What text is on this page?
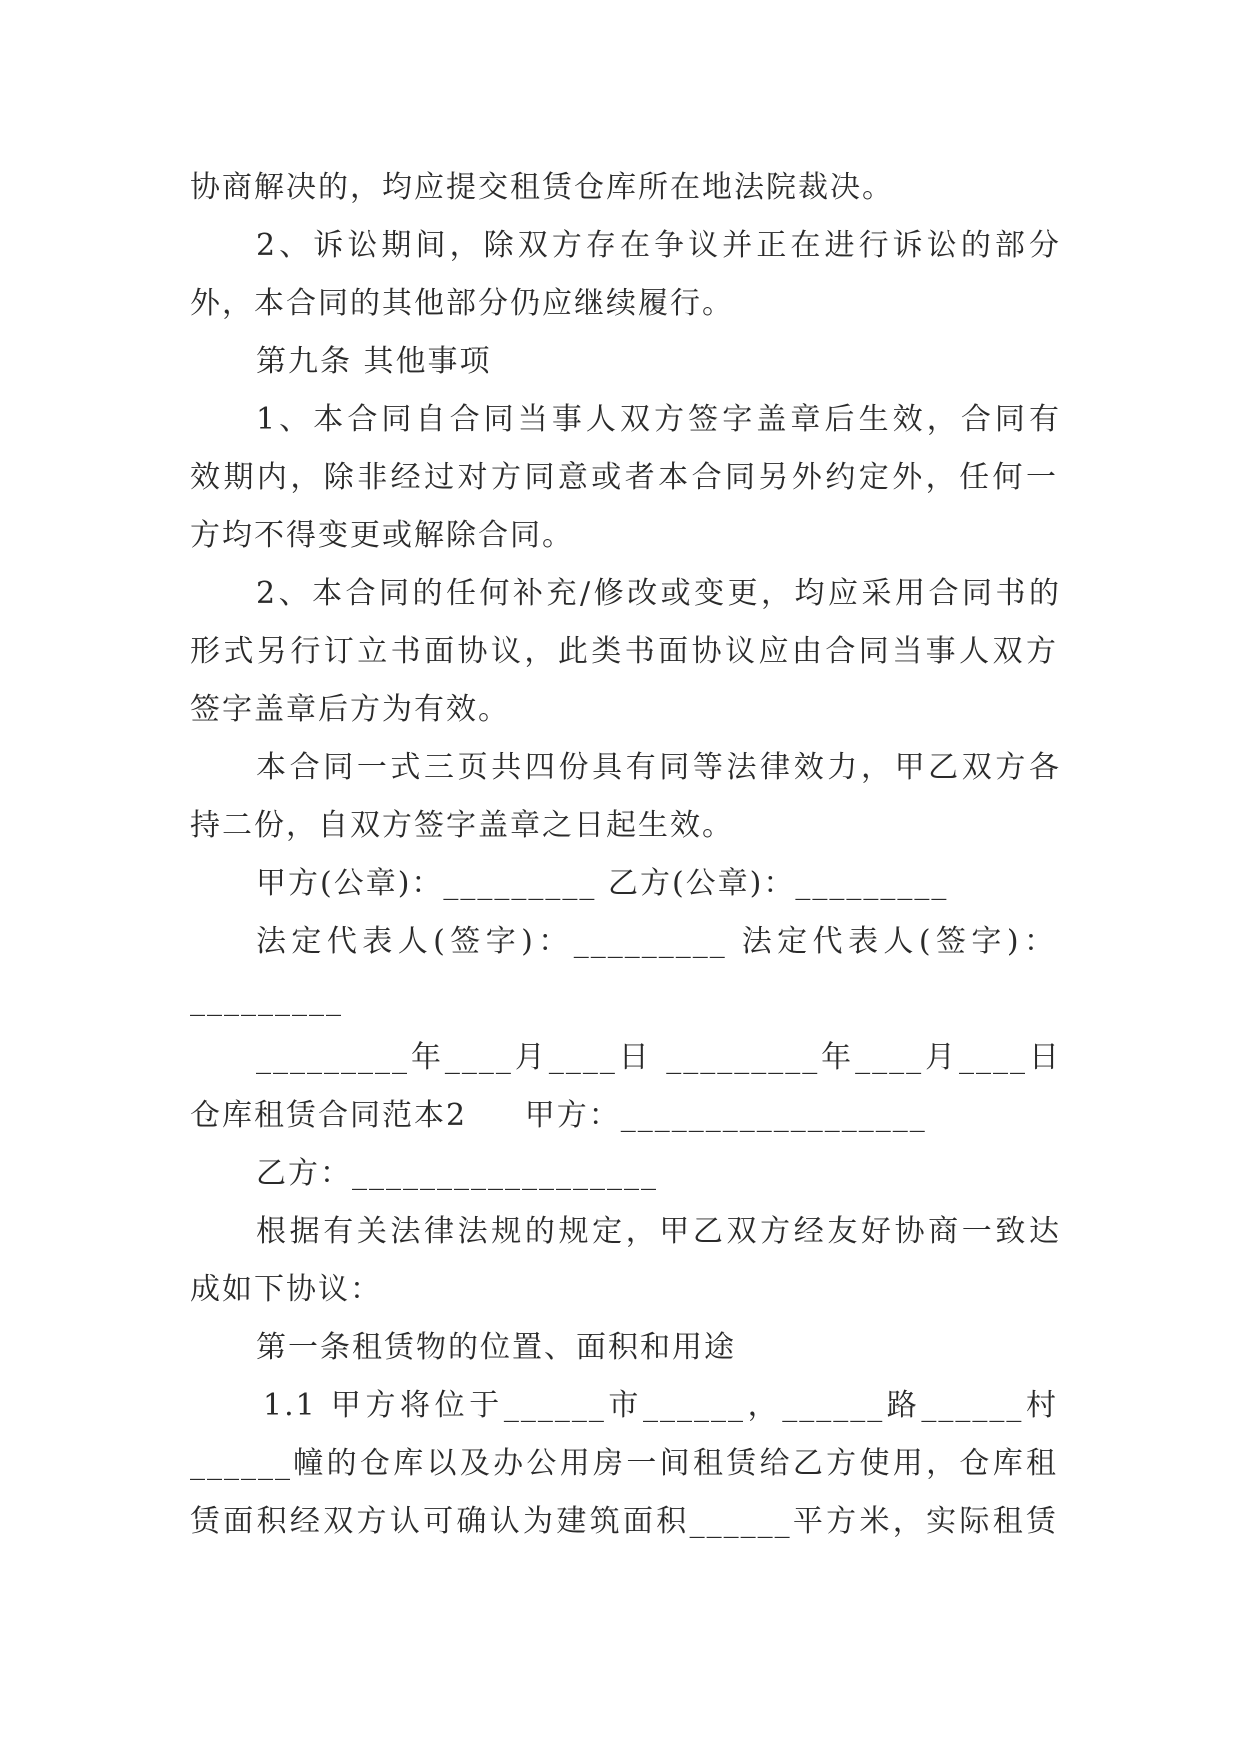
协商解决的，均应提交租赁仓库所在地法院裁决。
2、诉讼期间，除双方存在争议并正在进行诉讼的部分
外，本合同的其他部分仍应继续履行。
第九条 其他事项
1、本合同自合同当事人双方签字盖章后生效，合同有
效期内，除非经过对方同意或者本合同另外约定外，任何一
方均不得变更或解除合同。
2、本合同的任何补充/修改或变更，均应采用合同书的
形式另行订立书面协议，此类书面协议应由合同当事人双方
签字盖章后方为有效。
本合同一式三页共四份具有同等法律效力，甲乙双方各
持二份，自双方签字盖章之日起生效。
甲方(公章)：_________ 乙方(公章)：_________
法定代表人(签字)：_________ 法定代表人(签字)：
_________
_________年____月____日 _________年____月____日
仓库租赁合同范本2     甲方：__________________
乙方：__________________
根据有关法律法规的规定，甲乙双方经友好协商一致达
成如下协议：
第一条租赁物的位置、面积和用途
1.1 甲方将位于______市______，______路______村
______幢的仓库以及办公用房一间租赁给乙方使用，仓库租
赁面积经双方认可确认为建筑面积______平方米，实际租赁
